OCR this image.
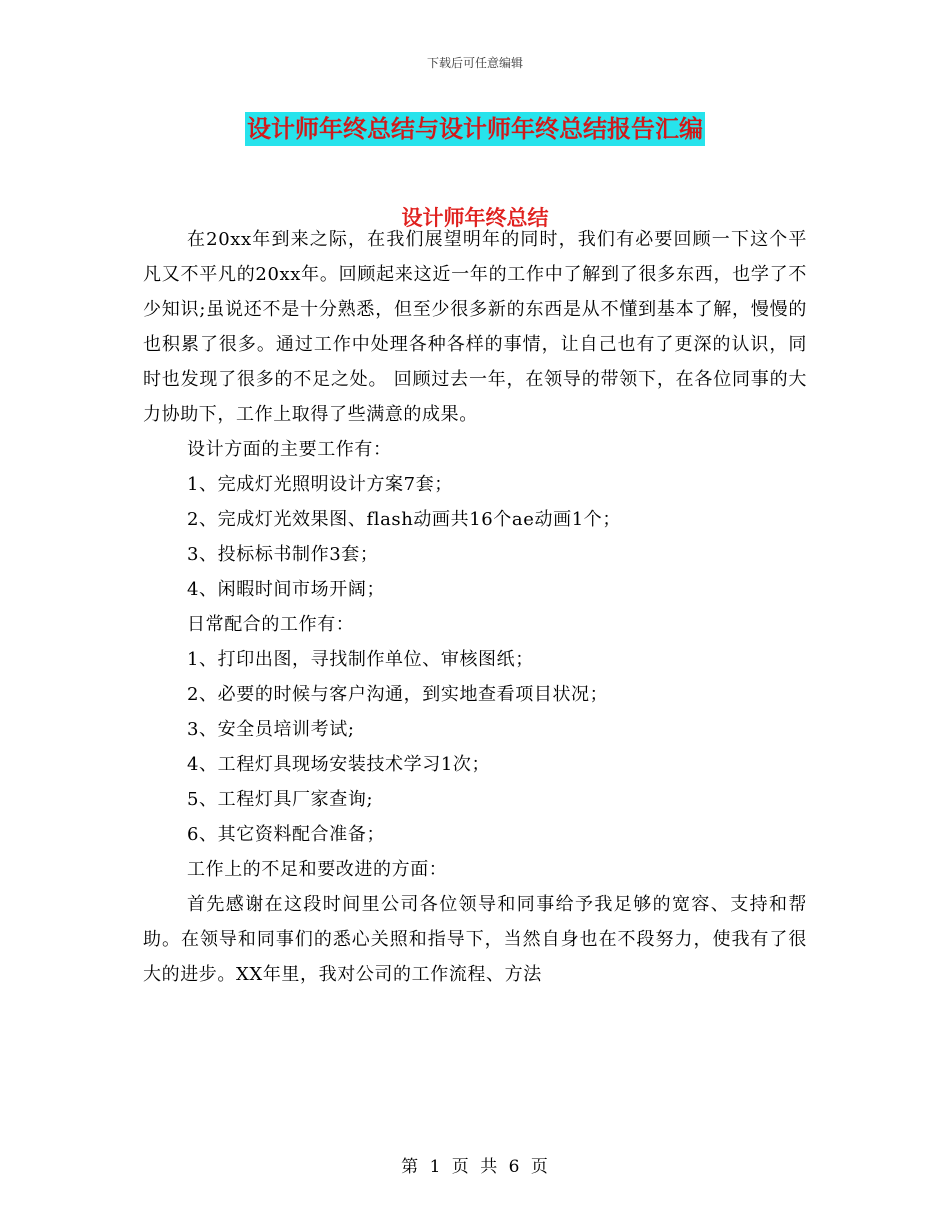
下载后可任意编辑
设计师年终总结与设计师年终总结报告汇编
设计师年终总结

在20xx年到来之际，在我们展望明年的同时，我们有必要回顾一下这个平凡又不平凡的20xx年。回顾起来这近一年的工作中了解到了很多东西，也学了不少知识;虽说还不是十分熟悉，但至少很多新的东西是从不懂到基本了解，慢慢的也积累了很多。通过工作中处理各种各样的事情，让自己也有了更深的认识，同时也发现了很多的不足之处。 回顾过去一年，在领导的带领下，在各位同事的大力协助下，工作上取得了些满意的成果。

设计方面的主要工作有：

1、完成灯光照明设计方案7套；

2、完成灯光效果图、flash动画共16个ae动画1个；

3、投标标书制作3套；

4、闲暇时间市场开阔；

日常配合的工作有：

1、打印出图，寻找制作单位、审核图纸；

2、必要的时候与客户沟通，到实地查看项目状况；

3、安全员培训考试;

4、工程灯具现场安装技术学习1次；

5、工程灯具厂家查询;

6、其它资料配合准备；

工作上的不足和要改进的方面：

首先感谢在这段时间里公司各位领导和同事给予我足够的宽容、支持和帮助。在领导和同事们的悉心关照和指导下，当然自身也在不段努力，使我有了很大的进步。XX年里，我对公司的工作流程、方法

第 1 页 共 6 页
